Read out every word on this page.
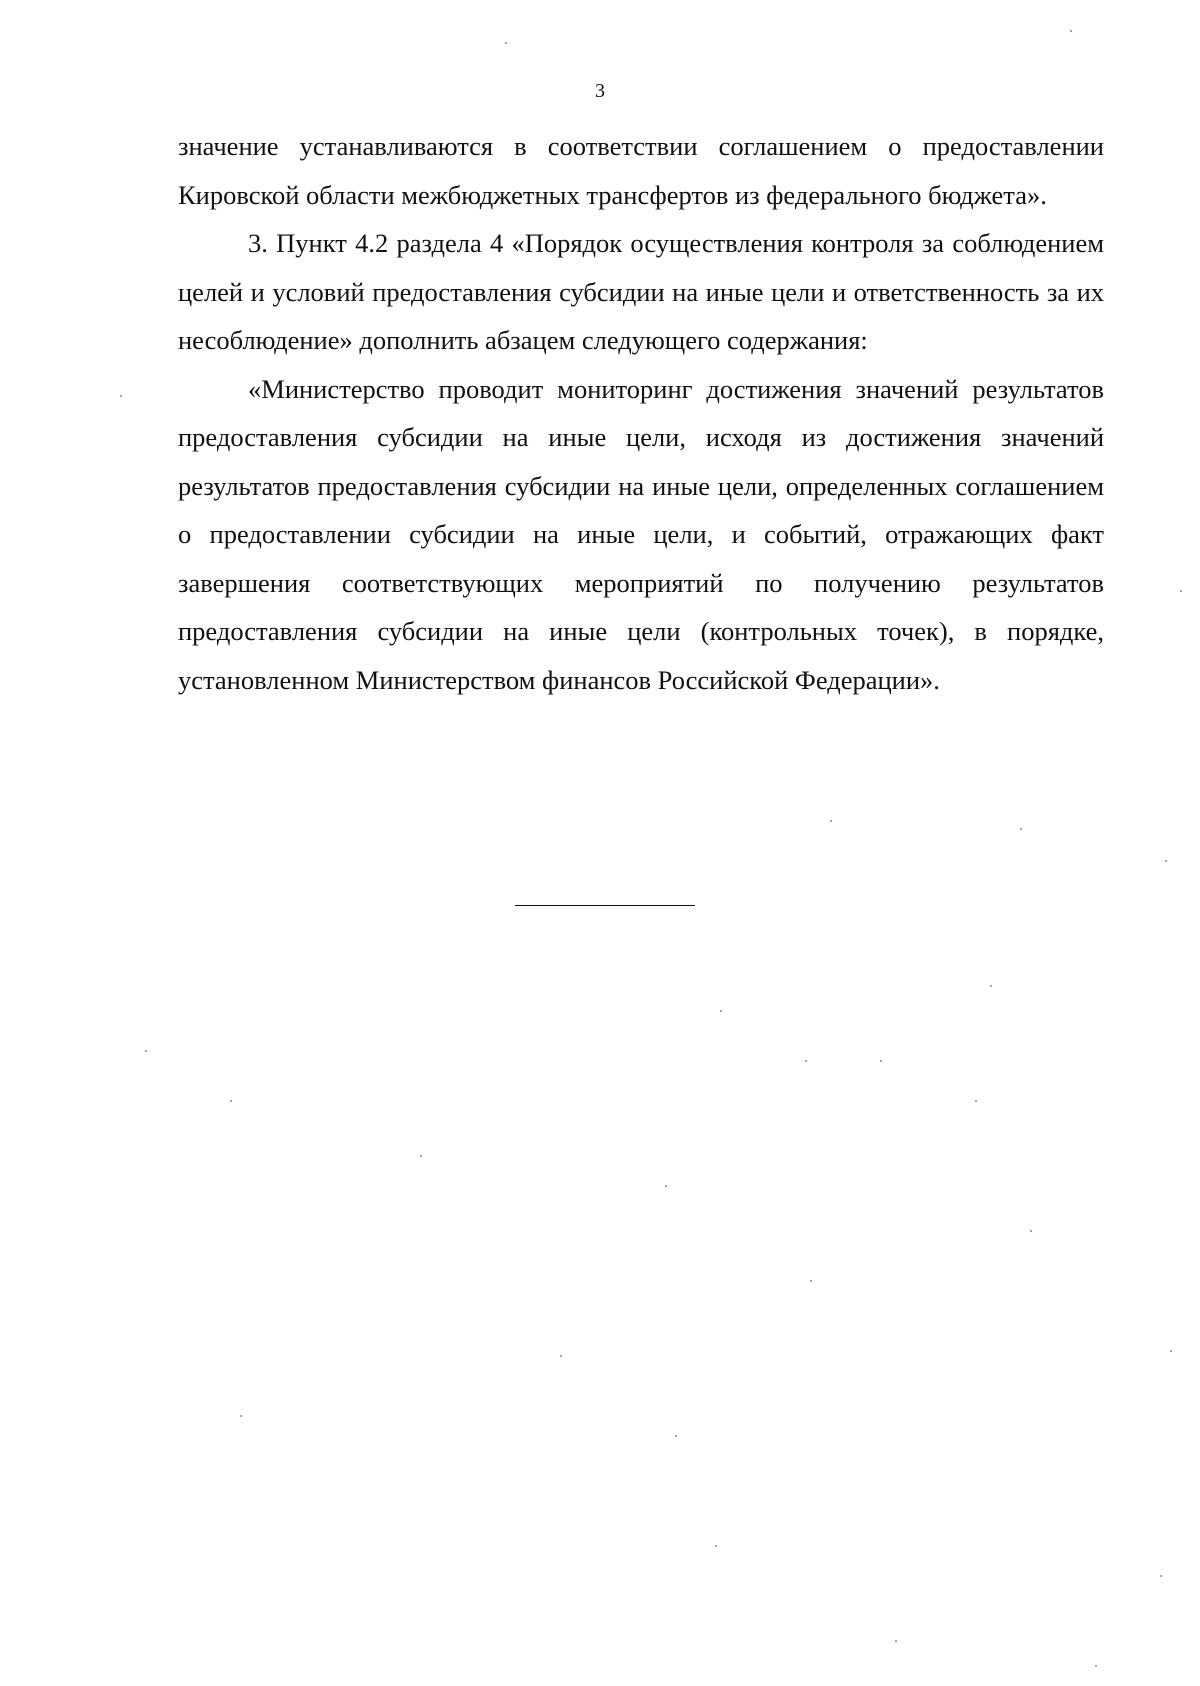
3

значение устанавливаются в соответствии соглашением о предоставлении Кировской области межбюджетных трансфертов из федерального бюджета».

3. Пункт 4.2 раздела 4 «Порядок осуществления контроля за соблюдением целей и условий предоставления субсидии на иные цели и ответственность за их несоблюдение» дополнить абзацем следующего содержания:

«Министерство проводит мониторинг достижения значений результатов предоставления субсидии на иные цели, исходя из достижения значений результатов предоставления субсидии на иные цели, определенных соглашением о предоставлении субсидии на иные цели, и событий, отражающих факт завершения соответствующих мероприятий по получению результатов предоставления субсидии на иные цели (контрольных точек), в порядке, установленном Министерством финансов Российской Федерации».
